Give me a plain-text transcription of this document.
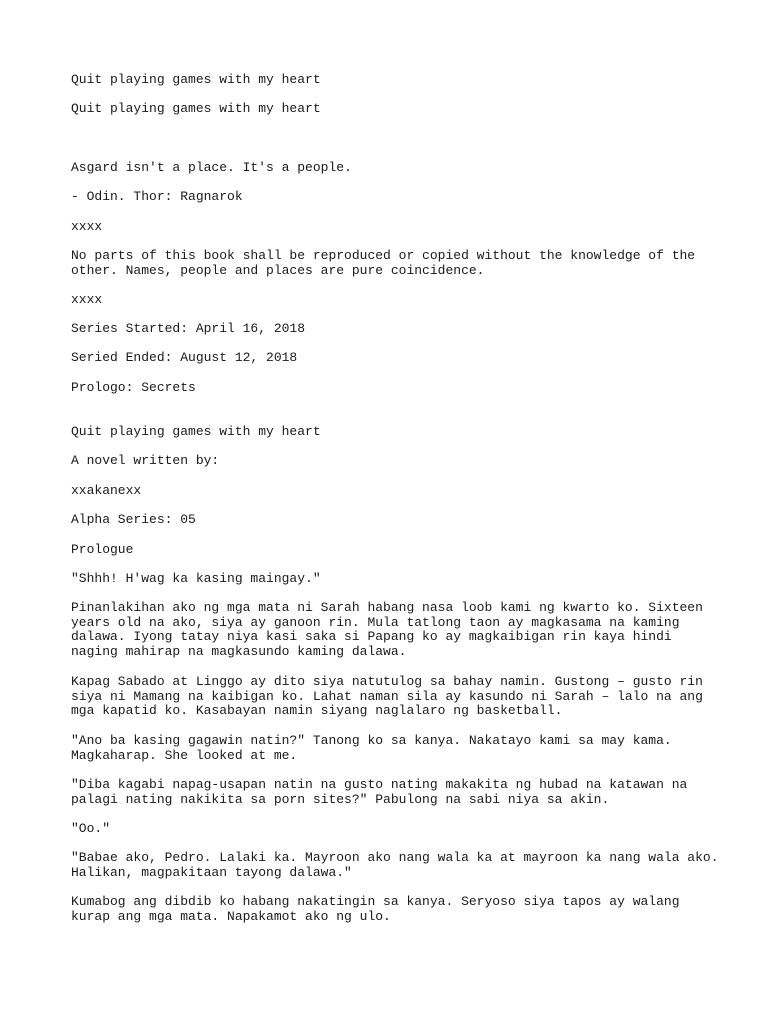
Quit playing games with my heart

Quit playing games with my heart

Asgard isn't a place. It's a people.

- Odin. Thor: Ragnarok

xxxx

No parts of this book shall be reproduced or copied without the knowledge of the
other. Names, people and places are pure coincidence.

xxxx

Series Started: April 16, 2018

Seried Ended: August 12, 2018

Prologo: Secrets

Quit playing games with my heart

A novel written by:

xxakanexx

Alpha Series: 05

Prologue

"Shhh! H'wag ka kasing maingay."

Pinanlakihan ako ng mga mata ni Sarah habang nasa loob kami ng kwarto ko. Sixteen
years old na ako, siya ay ganoon rin. Mula tatlong taon ay magkasama na kaming
dalawa. Iyong tatay niya kasi saka si Papang ko ay magkaibigan rin kaya hindi
naging mahirap na magkasundo kaming dalawa.

Kapag Sabado at Linggo ay dito siya natutulog sa bahay namin. Gustong – gusto rin
siya ni Mamang na kaibigan ko. Lahat naman sila ay kasundo ni Sarah – lalo na ang
mga kapatid ko. Kasabayan namin siyang naglalaro ng basketball.

"Ano ba kasing gagawin natin?" Tanong ko sa kanya. Nakatayo kami sa may kama.
Magkaharap. She looked at me.

"Diba kagabi napag-usapan natin na gusto nating makakita ng hubad na katawan na
palagi nating nakikita sa porn sites?" Pabulong na sabi niya sa akin.

"Oo."

"Babae ako, Pedro. Lalaki ka. Mayroon ako nang wala ka at mayroon ka nang wala ako.
Halikan, magpakitaan tayong dalawa."

Kumabog ang dibdib ko habang nakatingin sa kanya. Seryoso siya tapos ay walang
kurap ang mga mata. Napakamot ako ng ulo.
